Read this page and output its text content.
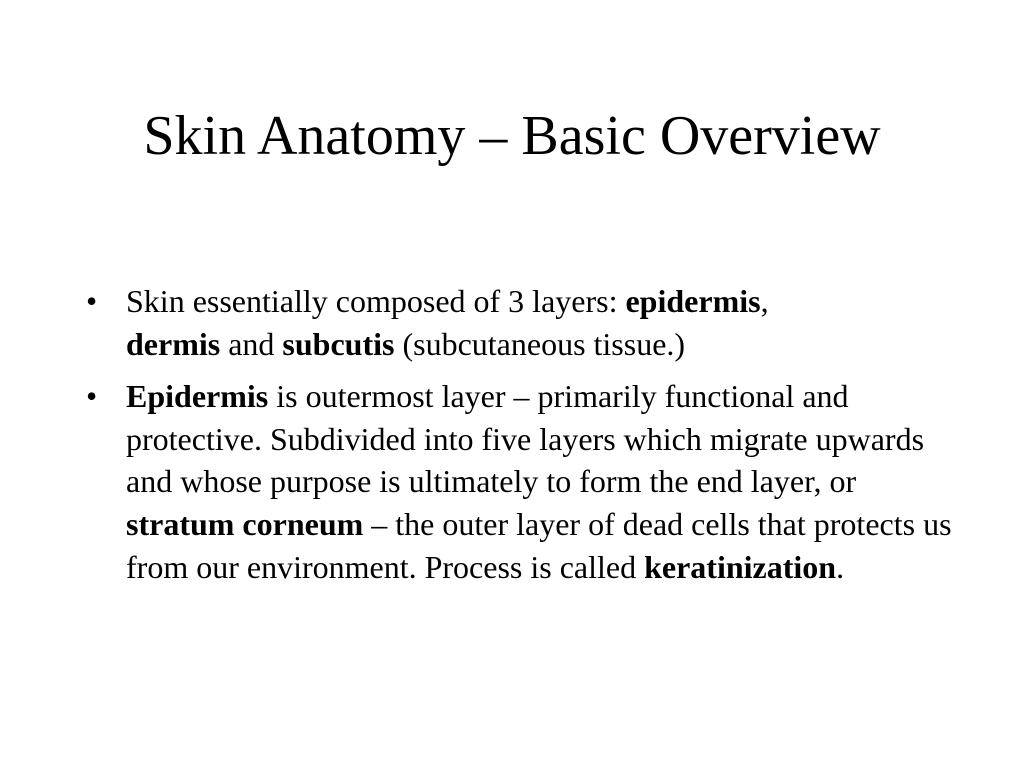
Skin Anatomy – Basic Overview
• Skin essentially composed of 3 layers: epidermis,
dermis and subcutis (subcutaneous tissue.)
• Epidermis is outermost layer – primarily functional and protective. Subdivided into five layers which migrate upwards and whose purpose is ultimately to form the end layer, or stratum corneum – the outer layer of dead cells that protects us from our environment. Process is called keratinization.
